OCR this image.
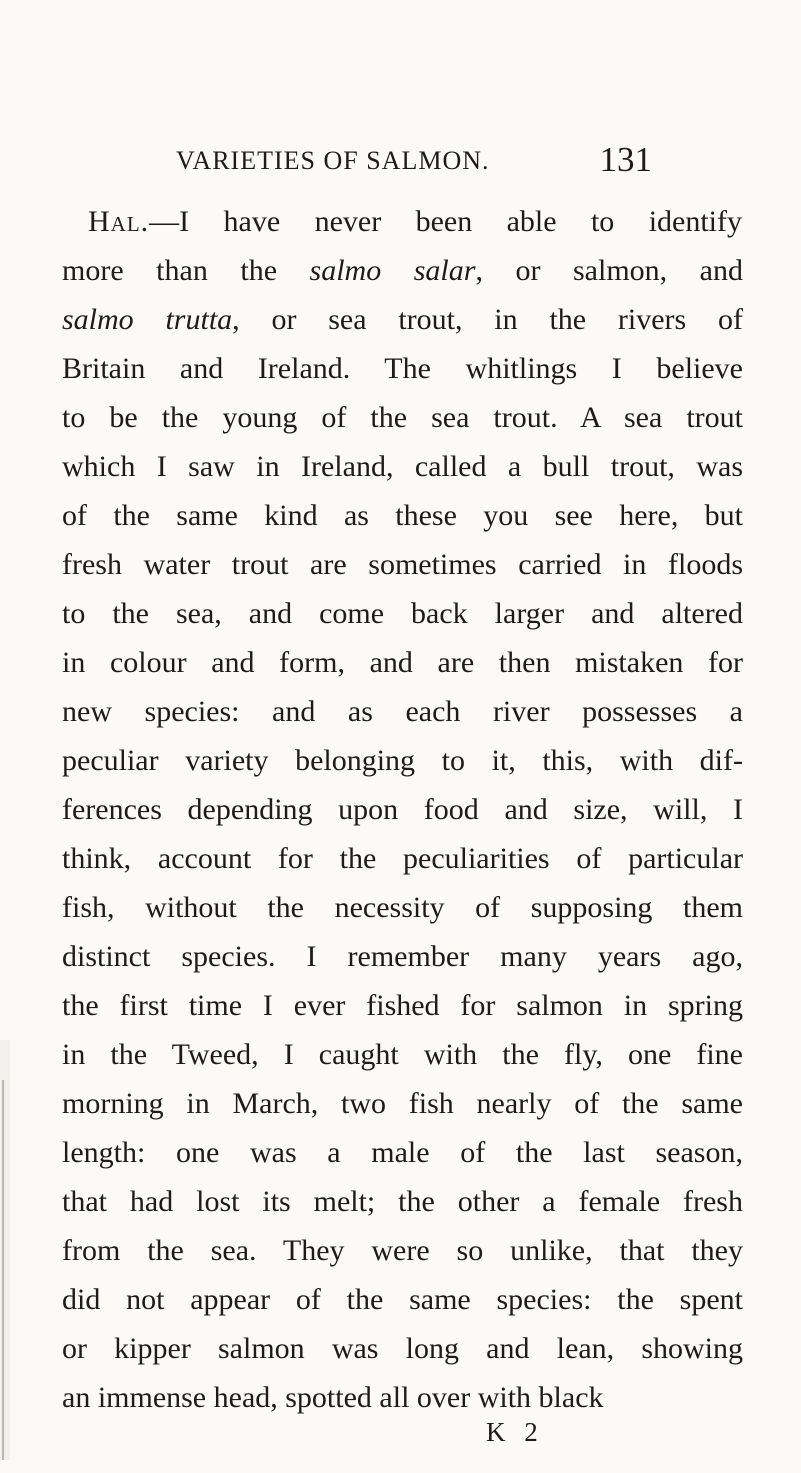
VARIETIES OF SALMON.	131
Hal.—I have never been able to identify
more than the salmo salar, or salmon, and
salmo trutta, or sea trout, in the rivers of
Britain and Ireland. The whitlings I believe
to be the young of the sea trout. A sea trout
which I saw in Ireland, called a bull trout, was
of the same kind as these you see here, but
fresh water trout are sometimes carried in floods
to the sea, and come back larger and altered
in colour and form, and are then mistaken for
new species: and as each river possesses a
peculiar variety belonging to it, this, with dif-
ferences depending upon food and size, will, I
think, account for the peculiarities of particular
fish, without the necessity of supposing them
distinct species. I remember many years ago,
the first time I ever fished for salmon in spring
in the Tweed, I caught with the fly, one fine
morning in March, two fish nearly of the same
length: one was a male of the last season,
that had lost its melt; the other a female fresh
from the sea. They were so unlike, that they
did not appear of the same species: the spent
or kipper salmon was long and lean, showing
an immense head, spotted all over with black
K 2
